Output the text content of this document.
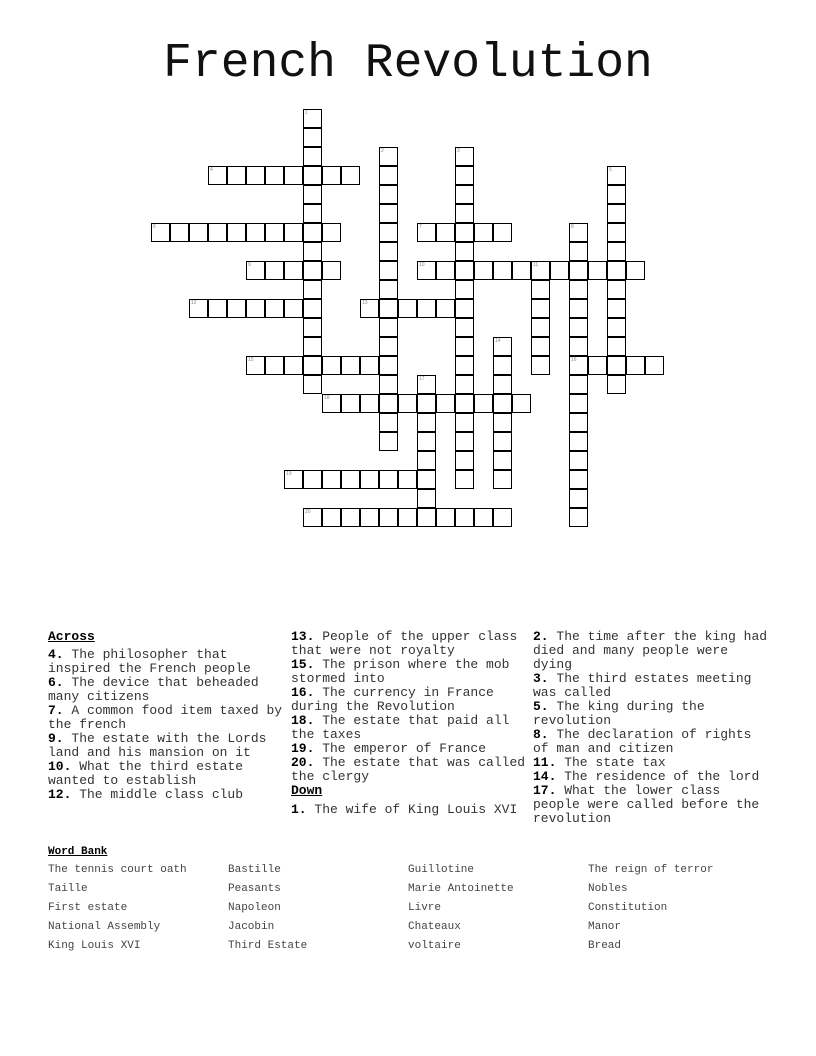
French Revolution
1
2	3
4	5
6	7	8
16
9	10	11
12	13
14
15
17
18
19
20
Across
4. The philosopher that inspired the French people
6. The device that beheaded many citizens
7. A common food item taxed by the french
9. The estate with the Lords land and his mansion on it
10. What the third estate wanted to establish
12. The middle class club
13. People of the upper class that were not royalty
15. The prison where the mob stormed into
16. The currency in France during the Revolution
18. The estate that paid all the taxes
19. The emperor of France
20. The estate that was called the clergy
Down
1. The wife of King Louis XVI
2. The time after the king had died and many people were dying
3. The third estates meeting was called
5. The king during the revolution
8. The declaration of rights of man and citizen
11. The state tax
14. The residence of the lord
17. What the lower class people were called before the revolution
Word Bank
The tennis court oath	Bastille	Guillotine	The reign of terror
Taille	Peasants	Marie Antoinette	Nobles
First estate	Napoleon	Livre	Constitution
National Assembly	Jacobin	Chateaux	Manor
King Louis XVI	Third Estate	voltaire	Bread
